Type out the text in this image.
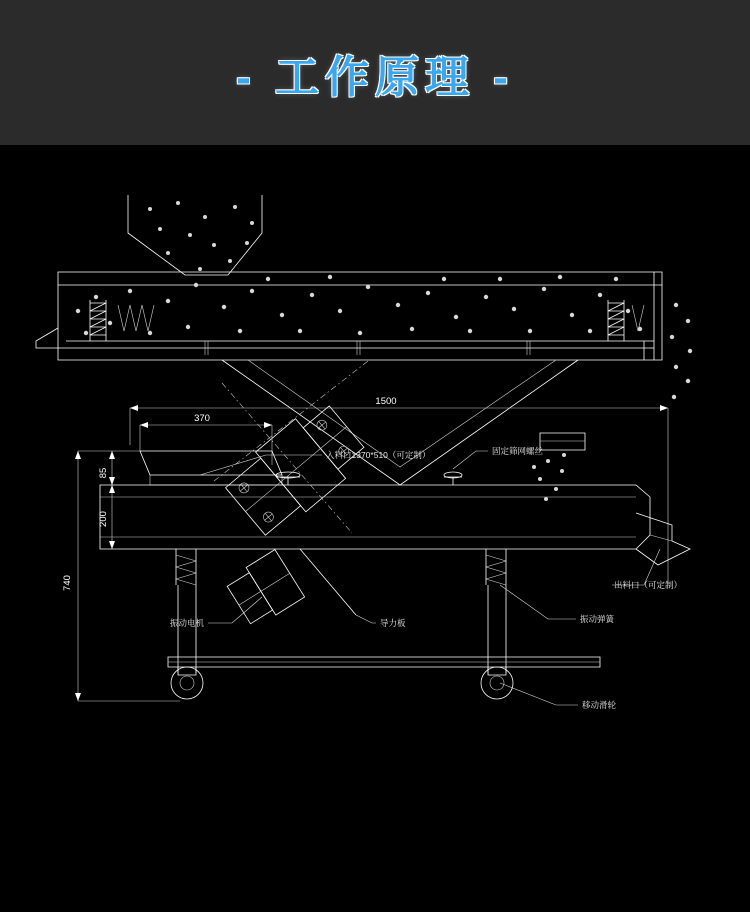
- 工作原理 -
1500
370
85
200
740
入料口1370*510（可定制）	固定筛网螺丝
出料口（可定制）
振动电机	导力板	振动弹簧
移动滑轮
